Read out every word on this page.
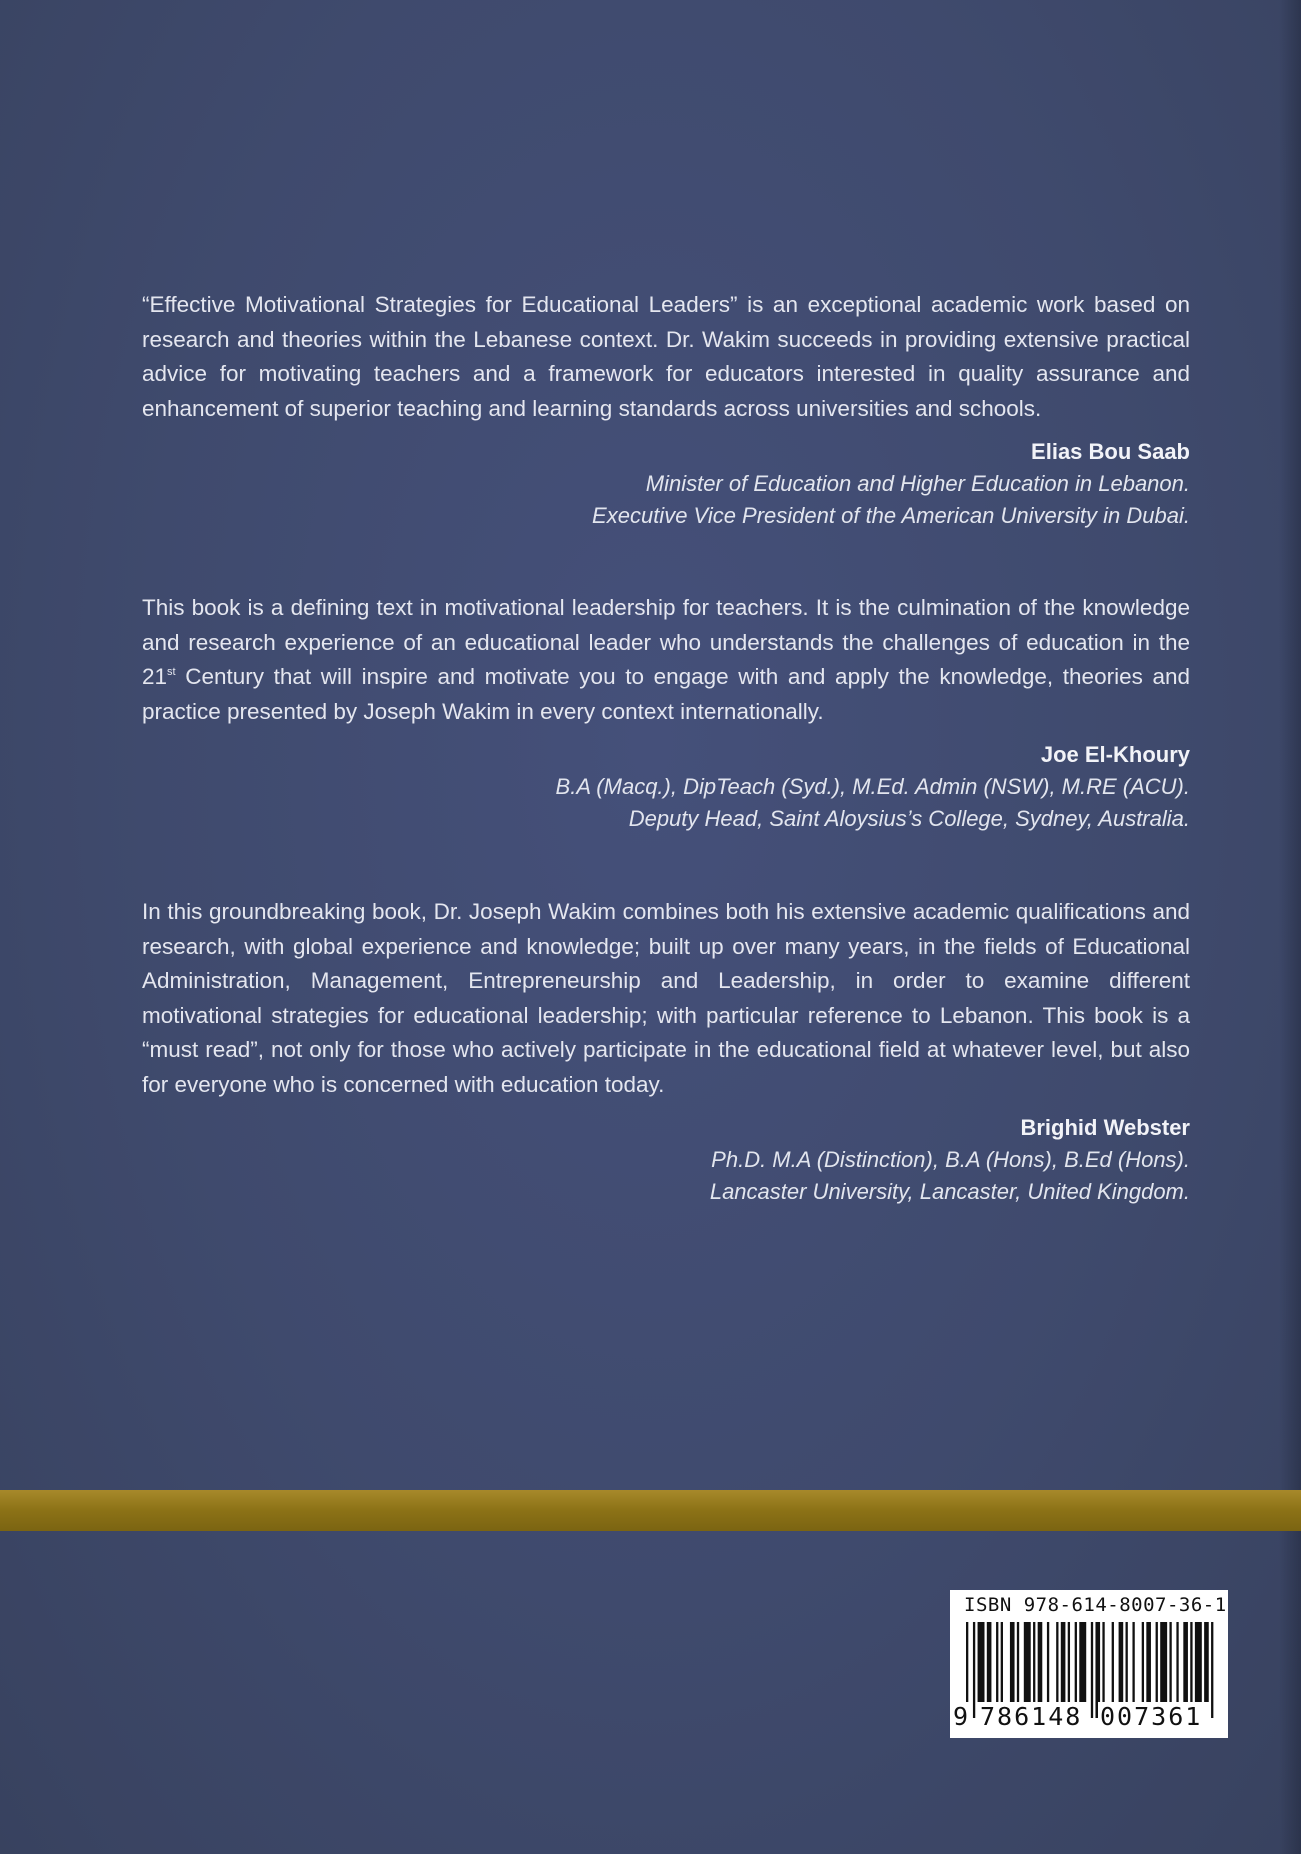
“Effective Motivational Strategies for Educational Leaders” is an exceptional academic work based on research and theories within the Lebanese context. Dr. Wakim succeeds in providing extensive practical advice for motivating teachers and a framework for educators interested in quality assurance and enhancement of superior teaching and learning standards across universities and schools.

Elias Bou Saab
Minister of Education and Higher Education in Lebanon.
Executive Vice President of the American University in Dubai.

This book is a defining text in motivational leadership for teachers. It is the culmination of the knowledge and research experience of an educational leader who understands the challenges of education in the 21st Century that will inspire and motivate you to engage with and apply the knowledge, theories and practice presented by Joseph Wakim in every context internationally.

Joe El-Khoury
B.A (Macq.), DipTeach (Syd.), M.Ed. Admin (NSW), M.RE (ACU).
Deputy Head, Saint Aloysius’s College, Sydney, Australia.

In this groundbreaking book, Dr. Joseph Wakim combines both his extensive academic qualifications and research, with global experience and knowledge; built up over many years, in the fields of Educational Administration, Management, Entrepreneurship and Leadership, in order to examine different motivational strategies for educational leadership; with particular reference to Lebanon. This book is a “must read”, not only for those who actively participate in the educational field at whatever level, but also for everyone who is concerned with education today.

Brighid Webster
Ph.D. M.A (Distinction), B.A (Hons), B.Ed (Hons).
Lancaster University, Lancaster, United Kingdom.
ISBN 978-614-8007-36-1
9 786148 007361
